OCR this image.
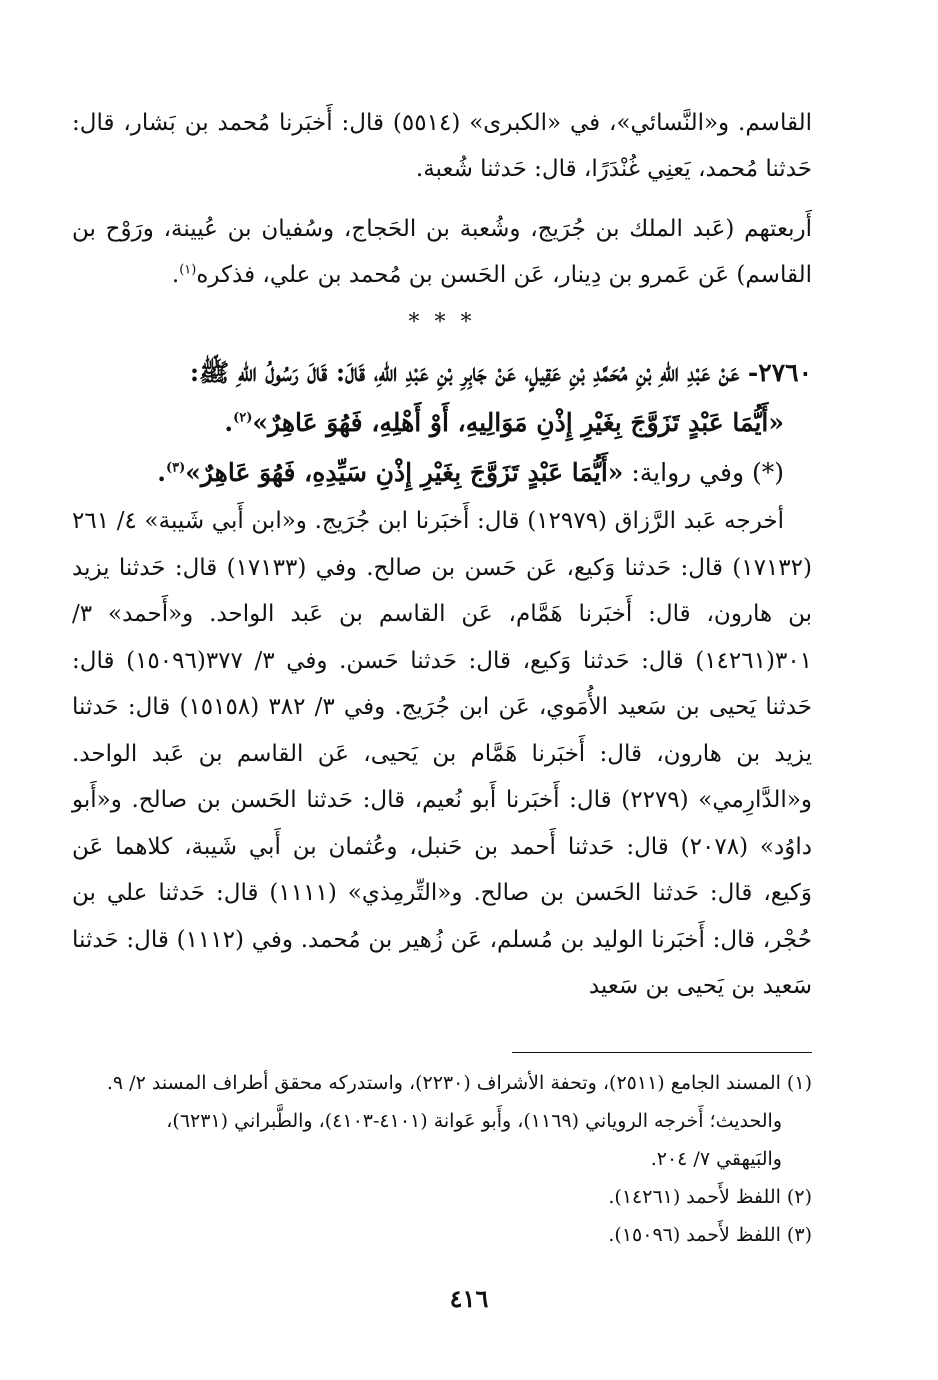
القاسم. و«النَّسائي»، في «الكبرى» (٥٥١٤) قال: أَخبَرنا مُحمد بن بَشار، قال: حَدثنا مُحمد، يَعنِي غُنْدَرًا، قال: حَدثنا شُعبة.

أَربعتهم (عَبد الملك بن جُرَيج، وشُعبة بن الحَجاج، وسُفيان بن عُيينة، ورَوْح بن القاسم) عَن عَمرو بن دِينار، عَن الحَسن بن مُحمد بن علي، فذكره$^{(١)}$.

* * *

٢٧٦٠- عَنْ عَبْدِ اللهِ بْنِ مُحَمَّدِ بْنِ عَقِيلٍ، عَنْ جَابِرِ بْنِ عَبْدِ اللهِ، قَالَ: قَالَ رَسُولُ اللهِ ﷺ:

«أَيُّمَا عَبْدٍ تَزَوَّجَ بِغَيْرِ إِذْنِ مَوَالِيهِ، أَوْ أَهْلِهِ، فَهُوَ عَاهِرٌ»$^{(٢)}$.

(*) وفي رواية: «أَيُّمَا عَبْدٍ تَزَوَّجَ بِغَيْرِ إِذْنِ سَيِّدِهِ، فَهُوَ عَاهِرٌ»$^{(٣)}$.

أخرجه عَبد الرَّزاق (١٢٩٧٩) قال: أَخبَرنا ابن جُرَيج. و«ابن أَبي شَيبة» ٤/ ٢٦١ (١٧١٣٢) قال: حَدثنا وَكيع، عَن حَسن بن صالح. وفي (١٧١٣٣) قال: حَدثنا يزيد بن هارون، قال: أَخبَرنا هَمَّام، عَن القاسم بن عَبد الواحد. و«أَحمد» ٣/ ٣٠١(١٤٢٦١) قال: حَدثنا وَكيع، قال: حَدثنا حَسن. وفي ٣/ ٣٧٧(١٥٠٩٦) قال: حَدثنا يَحيى بن سَعيد الأُمَوي، عَن ابن جُرَيج. وفي ٣/ ٣٨٢ (١٥١٥٨) قال: حَدثنا يزيد بن هارون، قال: أَخبَرنا هَمَّام بن يَحيى، عَن القاسم بن عَبد الواحد. و«الدَّارِمي» (٢٢٧٩) قال: أَخبَرنا أَبو نُعيم، قال: حَدثنا الحَسن بن صالح. و«أَبو داوُد» (٢٠٧٨) قال: حَدثنا أَحمد بن حَنبل، وعُثمان بن أَبي شَيبة، كلاهما عَن وَكيع، قال: حَدثنا الحَسن بن صالح. و«التِّرمِذي» (١١١١) قال: حَدثنا علي بن حُجْر، قال: أَخبَرنا الوليد بن مُسلم، عَن زُهير بن مُحمد. وفي (١١١٢) قال: حَدثنا سَعيد بن يَحيى بن سَعيد

(١) المسند الجامع (٢٥١١)، وتحفة الأشراف (٢٢٣٠)، واستدركه محقق أطراف المسند ٢/ ٩.

والحديث؛ أَخرجه الروياني (١١٦٩)، وأَبو عَوانة (٤١٠١-٤١٠٣)، والطَّبراني (٦٢٣١)،

والبَيهقي ٧/ ٢٠٤.

(٢) اللفظ لأَحمد (١٤٢٦١).

(٣) اللفظ لأَحمد (١٥٠٩٦).

٤١٦
